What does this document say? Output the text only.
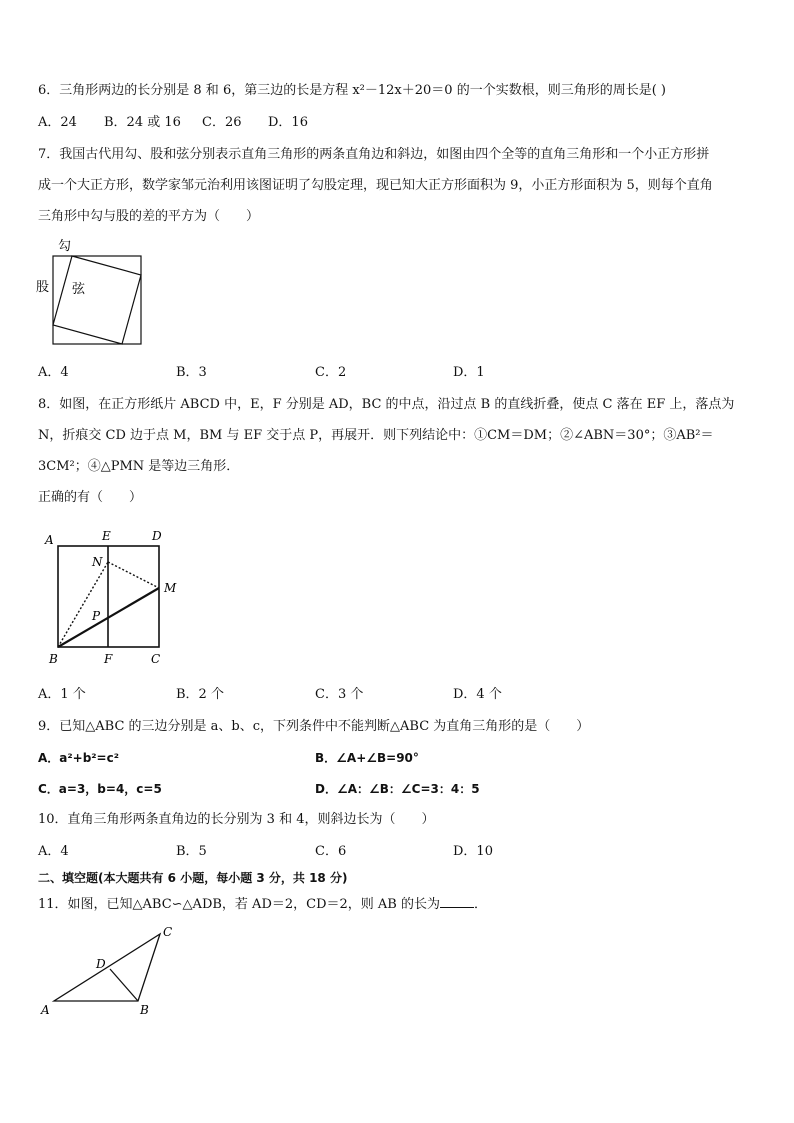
6．三角形两边的长分别是 8 和 6，第三边的长是方程 x²－12x＋20＝0 的一个实数根，则三角形的周长是( )
A．24 B．24 或 16 C．26 D．16
7．我国古代用勾、股和弦分别表示直角三角形的两条直角边和斜边，如图由四个全等的直角三角形和一个小正方形拼
成一个大正方形，数学家邹元治利用该图证明了勾股定理，现已知大正方形面积为 9，小正方形面积为 5，则每个直角
三角形中勾与股的差的平方为（　　）
勾
股 弦
A．4	B．3	C．2	D．1
8．如图，在正方形纸片 ABCD 中，E，F 分别是 AD，BC 的中点，沿过点 B 的直线折叠，使点 C 落在 EF 上，落点为
N，折痕交 CD 边于点 M，BM 与 EF 交于点 P，再展开．则下列结论中：①CM＝DM；②∠ABN＝30°；③AB²＝
3CM²；④△PMN 是等边三角形．
正确的有（　　）
A	E	D
N
M
P
B	F	C
A．1 个	B．2 个	C．3 个	D．4 个
9．已知△ABC 的三边分别是 a、b、c，下列条件中不能判断△ABC 为直角三角形的是（　　）
A．a²+b²=c²	B．∠A+∠B=90°
C．a=3，b=4，c=5	D．∠A：∠B：∠C=3：4：5
10．直角三角形两条直角边的长分别为 3 和 4，则斜边长为（　　）
A．4	B．5	C．6	D．10
二、填空题(本大题共有 6 小题，每小题 3 分，共 18 分)
11．如图，已知△ABC∽△ADB，若 AD＝2，CD＝2，则 AB 的长为	．
A	B
C
D
